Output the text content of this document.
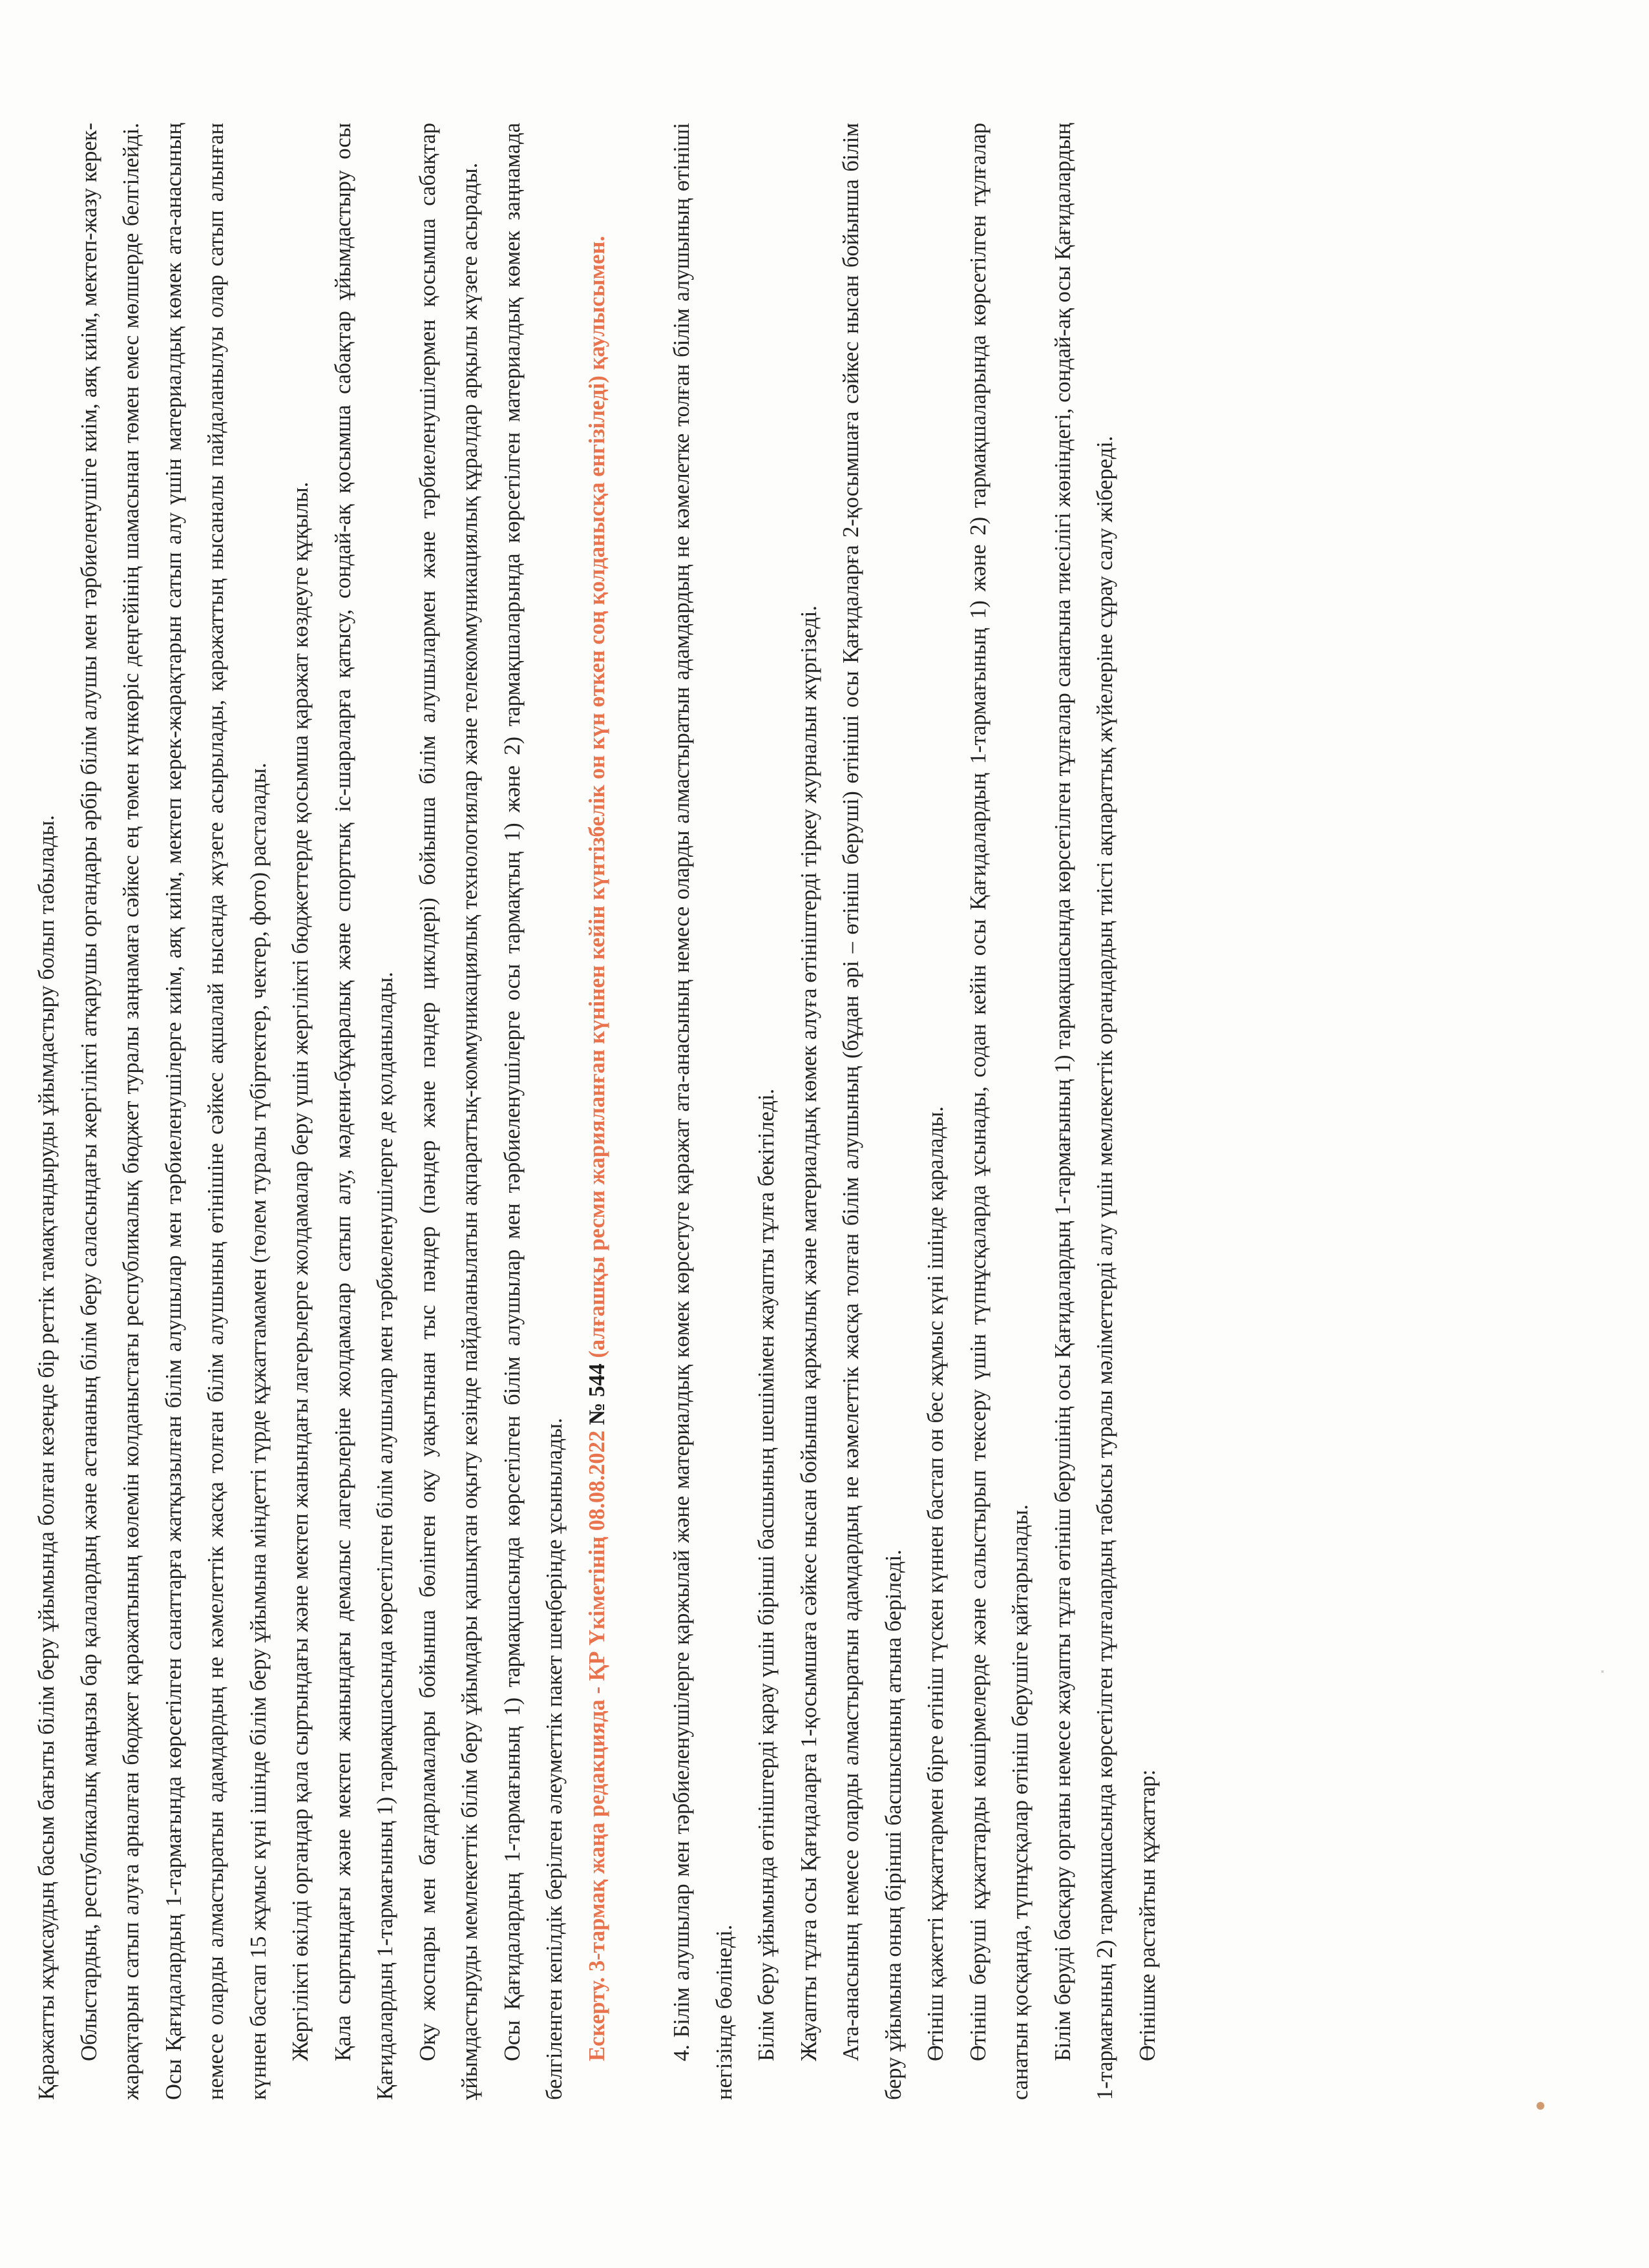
Қаражатты жұмсаудың басым бағыты білім беру ұйымында болған кезеңде бір реттік тамақтандыруды ұйымдастыру болып табылады. Облыстардың, республикалық маңызы бар қалалардың және астананың білім беру саласындағы жергілікті атқарушы органдары әрбір білім алушы мен тәрбиеленушіге киім, аяқ киім, мектеп-жазу керек-жарақтарын сатып алуға арналған бюджет қаражатының көлемін колданыстағы республикалық бюджет туралы заңнамаға сәйкес ең төмен күнкөріс деңгейінің шамасынан төмен емес мөлшерде белгілейді. Осы Қағидалардың 1-тармағында көрсетілген санаттарға жатқызылған білім алушылар мен тәрбиеленушілерге киім, аяқ киім, мектеп керек-жарақтарын сатып алу үшін материалдық көмек ата-анасының немесе оларды алмастыратын адамдардың не кәмелеттік жасқа толған білім алушының өтінішіне сәйкес ақшалай нысанда жүзеге асырылады, қаражаттың нысаналы пайдаланылуы олар сатып алынған күннен бастап 15 жұмыс күні ішінде білім беру ұйымына міндетті түрде құжаттамамен (төлем туралы түбіртектер, чектер, фото) расталады. Жергілікті өкілді органдар қала сыртындағы және мектеп жанындағы лагерьлерге жолдамалар беру үшін жергілікті бюджеттерде қосымша қаражат көздеуге құқылы. Қала сыртындағы және мектеп жанындағы демалыс лагерьлеріне жолдамалар сатып алу, мәдени-бұқаралық және спорттық іс-шараларға қатысу, сондай-ақ қосымша сабақтар ұйымдастыру осы Қағидалардың 1-тармағының 1) тармақшасында көрсетілген білім алушылар мен тәрбиеленушілерге де қолданылады. Оқу жоспары мен бағдарламалары бойынша бөлінген оқу уақытынан тыс пәндер (пәндер және пәндер циклдері) бойынша білім алушылармен және тәрбиеленушілермен қосымша сабақтар ұйымдастыруды мемлекеттік білім беру ұйымдары қашықтан оқыту кезінде пайдаланылатын ақпараттық-коммуникациялық технологиялар және телекоммуникациялық құралдар арқылы жүзеге асырады. Осы Қағидалардың 1-тармағының 1) тармақшасында көрсетілген білім алушылар мен тәрбиеленушілерге осы тармақтың 1) және 2) тармақшаларында көрсетілген материалдық көмек заңнамада белгіленген кепілдік берілген әлеуметтік пакет шеңберінде ұсынылады. Ескерту. 3-тармақ жаңа редакцияда - ҚР Үкіметінің 08.08.2022 № 544 (алғашқы ресми жарияланған күнінен кейін күнтізбелік он күн өткен соң қолданысқа енгізіледі) қаулысымен.	4. Білім алушылар мен тәрбиеленушілерге қаржылай және материалдық көмек көрсетуге қаражат ата-анасының немесе оларды алмастыратын адамдардың не кәмелетке толған білім алушының өтініші негізінде бөлінеді. Білім беру ұйымында өтініштерді қарау үшін бірінші басшының шешімімен жауапты тұлға бекітіледі. Жауапты тұлға осы Қағидаларға 1-қосымшаға сәйкес нысан бойынша қаржылық және материалдық көмек алуға өтініштерді тіркеу журналын жүргізеді. Ата-анасының немесе оларды алмастыратын адамдардың не кәмелеттік жасқа толған білім алушының (бұдан әрі – өтініш беруші) өтініші осы Қағидаларға 2-қосымшаға сәйкес нысан бойынша білім беру ұйымына оның бірінші басшысының атына беріледі. Өтініш қажетті құжаттармен бірге өтініш түскен күннен бастап он бес жұмыс күні ішінде қаралады. Өтініш беруші құжаттарды көшірмелерде және салыстырып тексеру үшін түпнұсқаларда ұсынады, содан кейін осы Қағидалардың 1-тармағының 1) және 2) тармақшаларында көрсетілген тұлғалар санатын қосқанда, түпнұсқалар өтініш берушіге қайтарылады. Білім беруді басқару органы немесе жауапты тұлға өтініш берушінің осы Қағидалардың 1-тармағының 1) тармақшасында көрсетілген тұлғалар санатына тиесілігі жөніндегі, сондай-ақ осы Қағидалардың 1-тармағының 2) тармақшасында көрсетілген тұлғалардың табысы туралы мәліметтерді алу үшін мемлекеттік органдардың тиісті ақпараттық жүйелеріне сұрау салу жібереді. Өтінішке растайтын құжаттар:
